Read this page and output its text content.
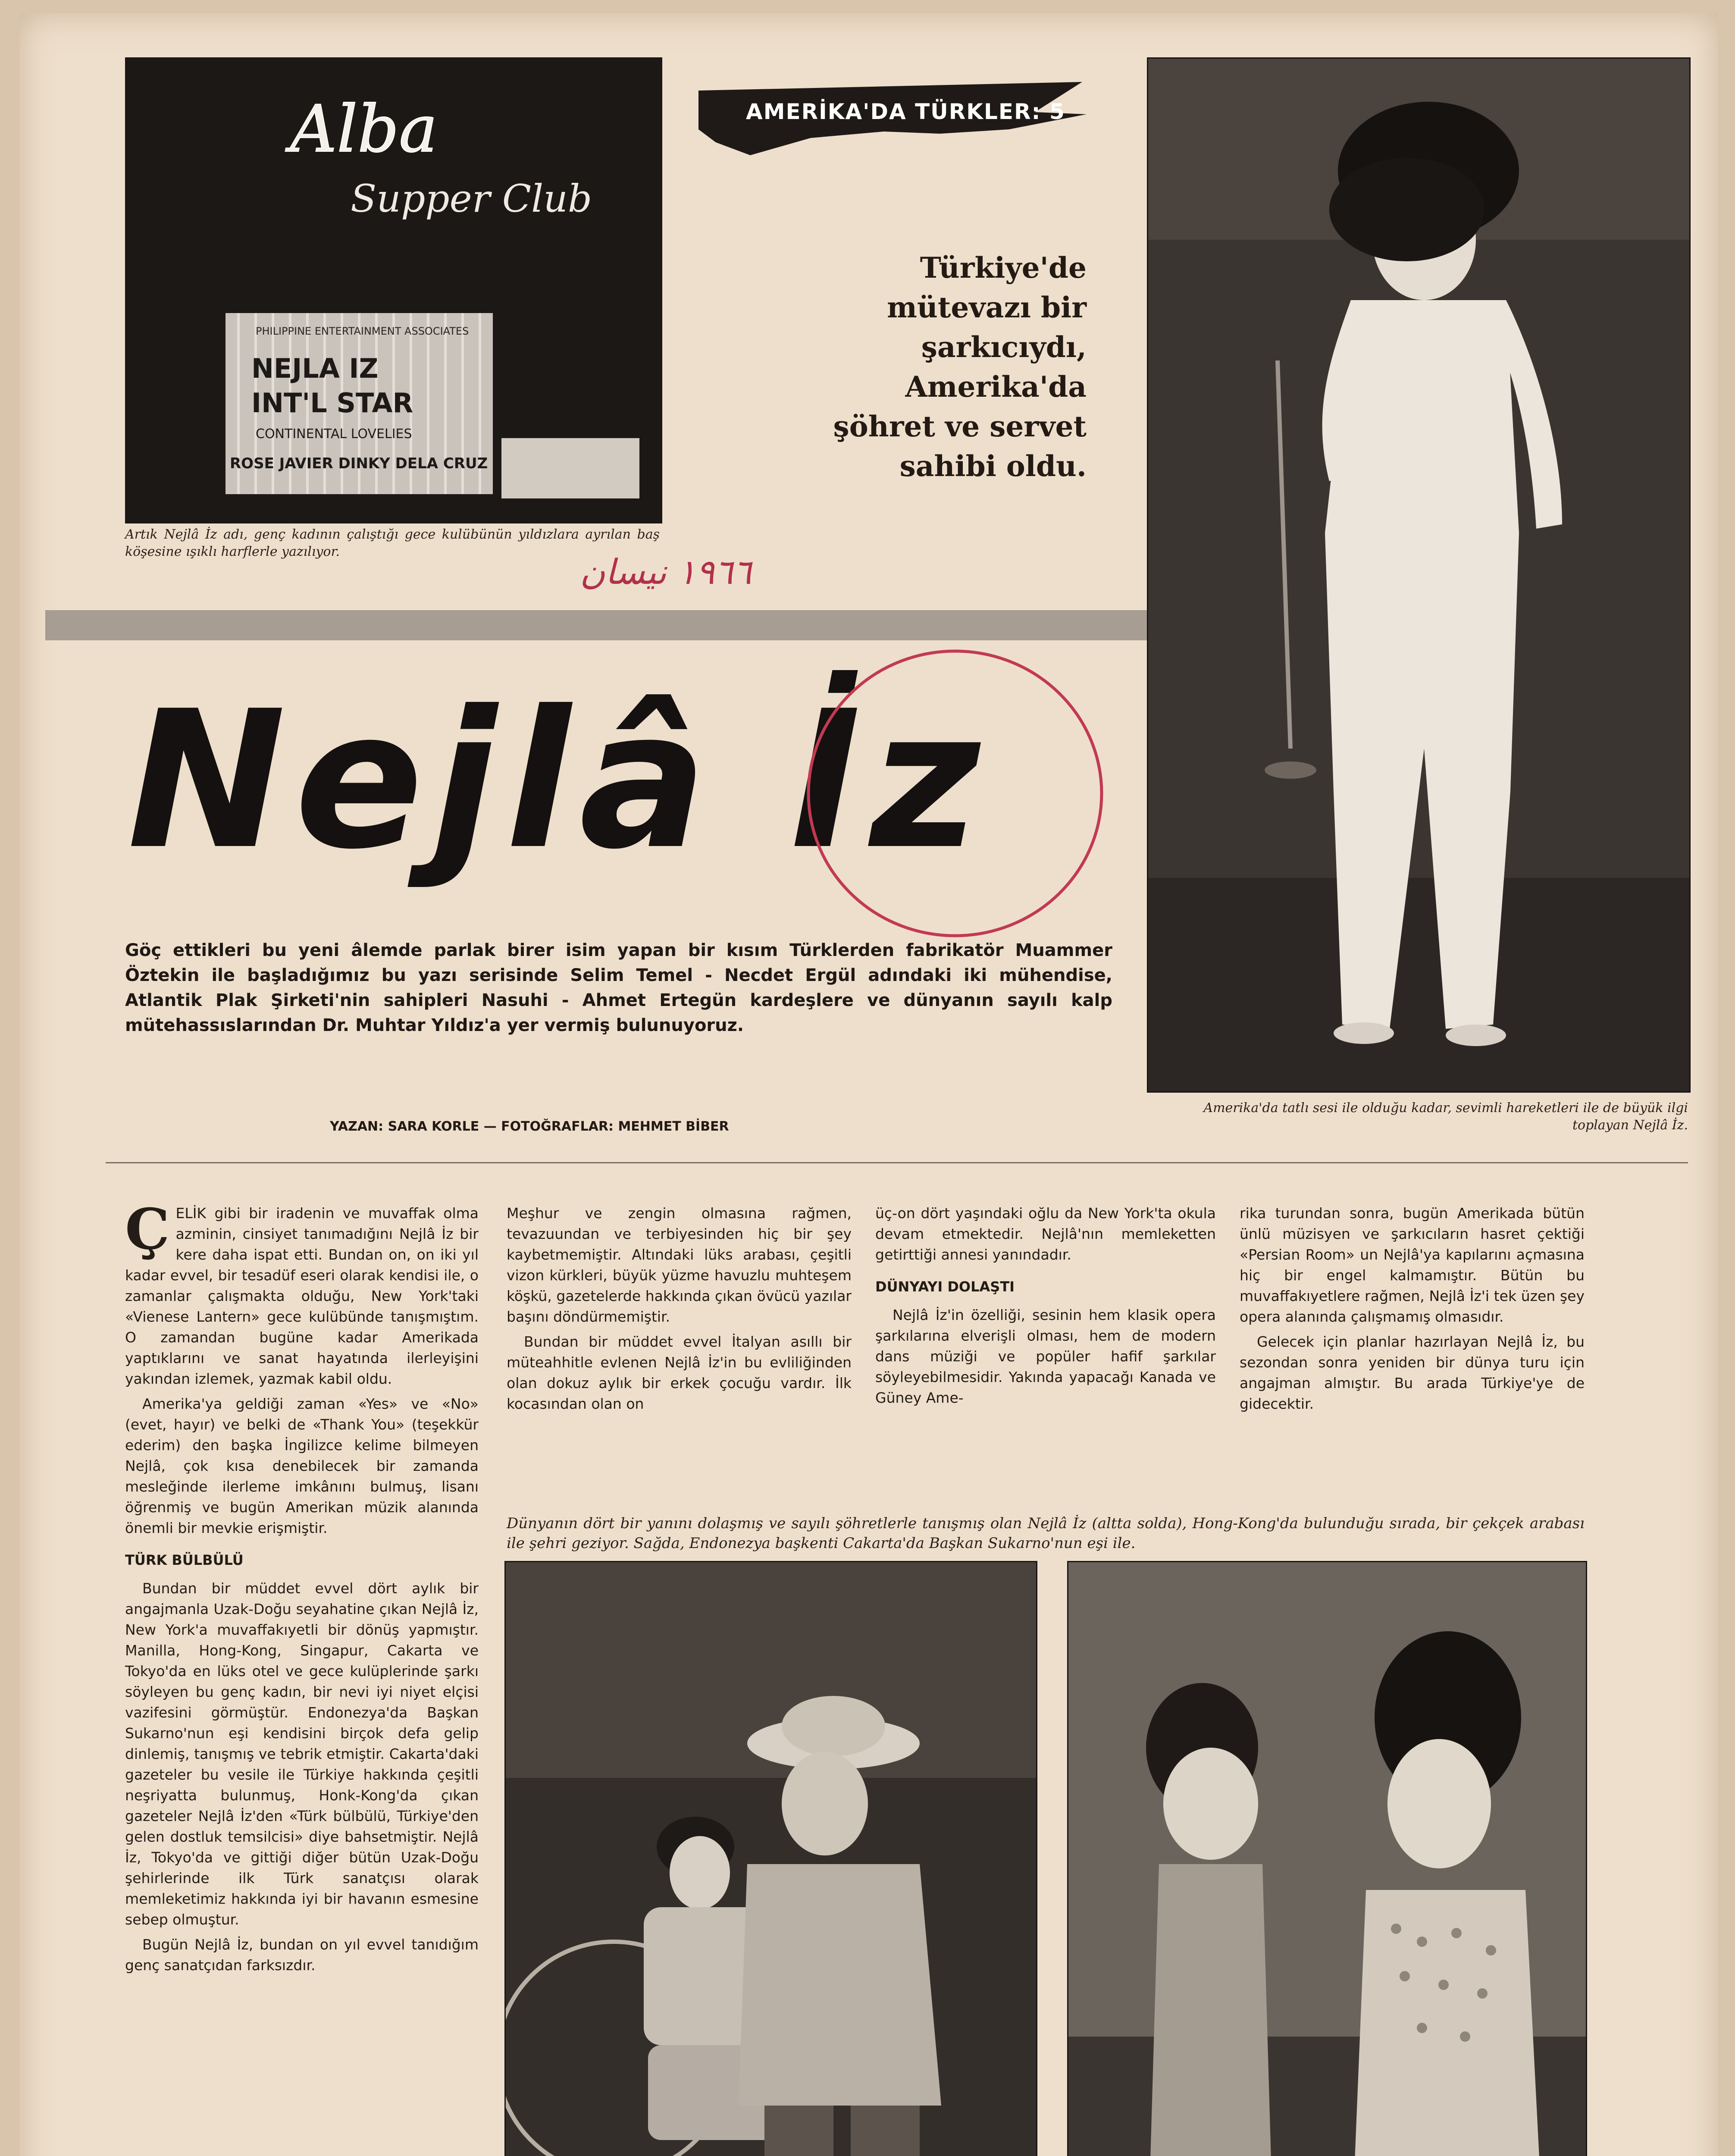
Alba
Supper Club
PHILIPPINE ENTERTAINMENT ASSOCIATES
NEJLA IZ
INT'L STAR
CONTINENTAL LOVELIES
ROSE JAVIER DINKY DELA CRUZ
Artık Nejlâ İz adı, genç kadının çalıştığı gece kulübünün yıldızlara ayrılan baş köşesine ışıklı harflerle yazılıyor.
AMERİKA'DA TÜRKLER: 5
Türkiye'de mütevazı bir şarkıcıydı, Amerika'da şöhret ve servet sahibi oldu.
١٩٦٦ نيسان
Amerika'da tatlı sesi ile olduğu kadar, sevimli hareketleri ile de büyük ilgi toplayan Nejlâ İz.
Nejlâ İz
Göç ettikleri bu yeni âlemde parlak birer isim yapan bir kısım Türklerden fabrikatör Muammer Öztekin ile başladığımız bu yazı serisinde Selim Temel - Necdet Ergül adındaki iki mühendise, Atlantik Plak Şirketi'nin sahipleri Nasuhi - Ahmet Ertegün kardeşlere ve dünyanın sayılı kalp mütehassıslarından Dr. Muhtar Yıldız'a yer vermiş bulunuyoruz.
YAZAN: SARA KORLE — FOTOĞRAFLAR: MEHMET BİBER

ÇELİK gibi bir iradenin ve muvaffak olma azminin, cinsiyet tanımadığını Nejlâ İz bir kere daha ispat etti. Bundan on, on iki yıl kadar evvel, bir tesadüf eseri olarak kendisi ile, o zamanlar çalışmakta olduğu, New York'taki «Vienese Lantern» gece kulübünde tanışmıştım. O zamandan bugüne kadar Amerikada yaptıklarını ve sanat hayatında ilerleyişini yakından izlemek, yazmak kabil oldu.

Amerika'ya geldiği zaman «Yes» ve «No» (evet, hayır) ve belki de «Thank You» (teşekkür ederim) den başka İngilizce kelime bilmeyen Nejlâ, çok kısa denebilecek bir zamanda mesleğinde ilerleme imkânını bulmuş, lisanı öğrenmiş ve bugün Amerikan müzik alanında önemli bir mevkie erişmiştir.

TÜRK BÜLBÜLÜ

Bundan bir müddet evvel dört aylık bir angajmanla Uzak-Doğu seyahatine çıkan Nejlâ İz, New York'a muvaffakıyetli bir dönüş yapmıştır. Manilla, Hong-Kong, Singapur, Cakarta ve Tokyo'da en lüks otel ve gece kulüplerinde şarkı söyleyen bu genç kadın, bir nevi iyi niyet elçisi vazifesini görmüştür. Endonezya'da Başkan Sukarno'nun eşi kendisini birçok defa gelip dinlemiş, tanışmış ve tebrik etmiştir. Cakarta'daki gazeteler bu vesile ile Türkiye hakkında çeşitli neşriyatta bulunmuş, Honk-Kong'da çıkan gazeteler Nejlâ İz'den «Türk bülbülü, Türkiye'den gelen dostluk temsilcisi» diye bahsetmiştir. Nejlâ İz, Tokyo'da ve gittiği diğer bütün Uzak-Doğu şehirlerinde ilk Türk sanatçısı olarak memleketimiz hakkında iyi bir havanın esmesine sebep olmuştur.

Bugün Nejlâ İz, bundan on yıl evvel tanıdığım genç sanatçıdan farksızdır.

Meşhur ve zengin olmasına rağmen, tevazuundan ve terbiyesinden hiç bir şey kaybetmemiştir. Altındaki lüks arabası, çeşitli vizon kürkleri, büyük yüzme havuzlu muhteşem köşkü, gazetelerde hakkında çıkan övücü yazılar başını döndürmemiştir.

Bundan bir müddet evvel İtalyan asıllı bir müteahhitle evlenen Nejlâ İz'in bu evliliğinden olan dokuz aylık bir erkek çocuğu vardır. İlk kocasından olan on

üç-on dört yaşındaki oğlu da New York'ta okula devam etmektedir. Nejlâ'nın memleketten getirttiği annesi yanındadır.

DÜNYAYI DOLAŞTI

Nejlâ İz'in özelliği, sesinin hem klasik opera şarkılarına elverişli olması, hem de modern dans müziği ve popüler hafif şarkılar söyleyebilmesidir. Yakında yapacağı Kanada ve Güney Ame-

rika turundan sonra, bugün Amerikada bütün ünlü müzisyen ve şarkıcıların hasret çektiği «Persian Room» un Nejlâ'ya kapılarını açmasına hiç bir engel kalmamıştır. Bütün bu muvaffakıyetlere rağmen, Nejlâ İz'i tek üzen şey opera alanında çalışmamış olmasıdır.

Gelecek için planlar hazırlayan Nejlâ İz, bu sezondan sonra yeniden bir dünya turu için angajman almıştır. Bu arada Türkiye'ye de gidecektir.

Dünyanın dört bir yanını dolaşmış ve sayılı şöhretlerle tanışmış olan Nejlâ İz (altta solda), Hong-Kong'da bulunduğu sırada, bir çekçek arabası ile şehri geziyor. Sağda, Endonezya başkenti Cakarta'da Başkan Sukarno'nun eşi ile.
